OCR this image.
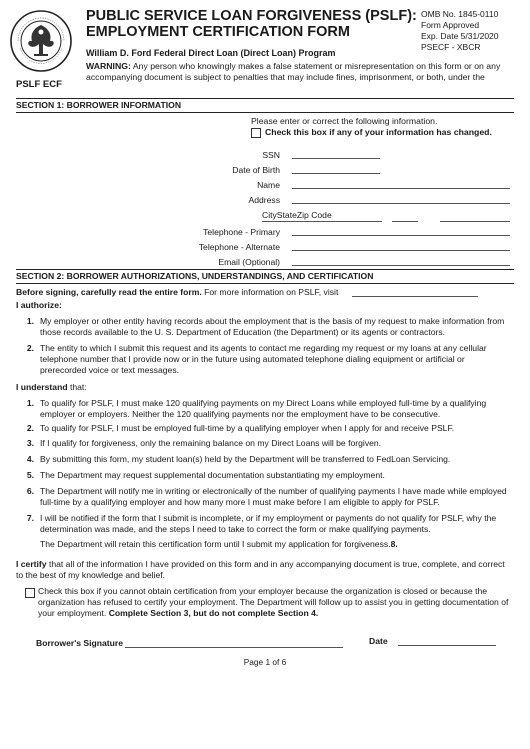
PSLF ECF
PUBLIC SERVICE LOAN FORGIVENESS (PSLF):
EMPLOYMENT CERTIFICATION FORM
William D. Ford Federal Direct Loan (Direct Loan) Program
OMB No. 1845-0110
Form Approved
Exp. Date 5/31/2020
PSECF - XBCR
WARNING: Any person who knowingly makes a false statement or misrepresentation on this form or on any accompanying document is subject to penalties that may include fines, imprisonment, or both, under the
SECTION 1: BORROWER INFORMATION
Please enter or correct the following information.
Check this box if any of your information has changed.
SSN
Date of Birth
Name
Address
CityStateZip Code
Telephone - Primary
Telephone - Alternate
Email (Optional)
SECTION 2: BORROWER AUTHORIZATIONS, UNDERSTANDINGS, AND CERTIFICATION
Before signing, carefully read the entire form. For more information on PSLF, visit
I authorize:
1. My employer or other entity having records about the employment that is the basis of my request to make information from those records available to the U. S. Department of Education (the Department) or its agents or contractors.
2. The entity to which I submit this request and its agents to contact me regarding my request or my loans at any cellular telephone number that I provide now or in the future using automated telephone dialing equipment or artificial or prerecorded voice or text messages.
I understand that:
1. To qualify for PSLF, I must make 120 qualifying payments on my Direct Loans while employed full-time by a qualifying employer or employers. Neither the 120 qualifying payments nor the employment have to be consecutive.
2. To qualify for PSLF, I must be employed full-time by a qualifying employer when I apply for and receive PSLF.
3. If I qualify for forgiveness, only the remaining balance on my Direct Loans will be forgiven.
4. By submitting this form, my student loan(s) held by the Department will be transferred to FedLoan Servicing.
5. The Department may request supplemental documentation substantiating my employment.
6. The Department will notify me in writing or electronically of the number of qualifying payments I have made while employed full-time by a qualifying employer and how many more I must make before I am eligible to apply for PSLF.
7. I will be notified if the form that I submit is incomplete, or if my employment or payments do not qualify for PSLF, why the determination was made, and the steps I need to take to correct the form or make qualifying payments.
The Department will retain this certification form until I submit my application for forgiveness.8.
I certify that all of the information I have provided on this form and in any accompanying document is true, complete, and correct to the best of my knowledge and belief.
Check this box if you cannot obtain certification from your employer because the organization is closed or because the organization has refused to certify your employment. The Department will follow up to assist you in getting documentation of your employment. Complete Section 3, but do not complete Section 4.
Borrower's Signature	Date
Page 1 of 6
